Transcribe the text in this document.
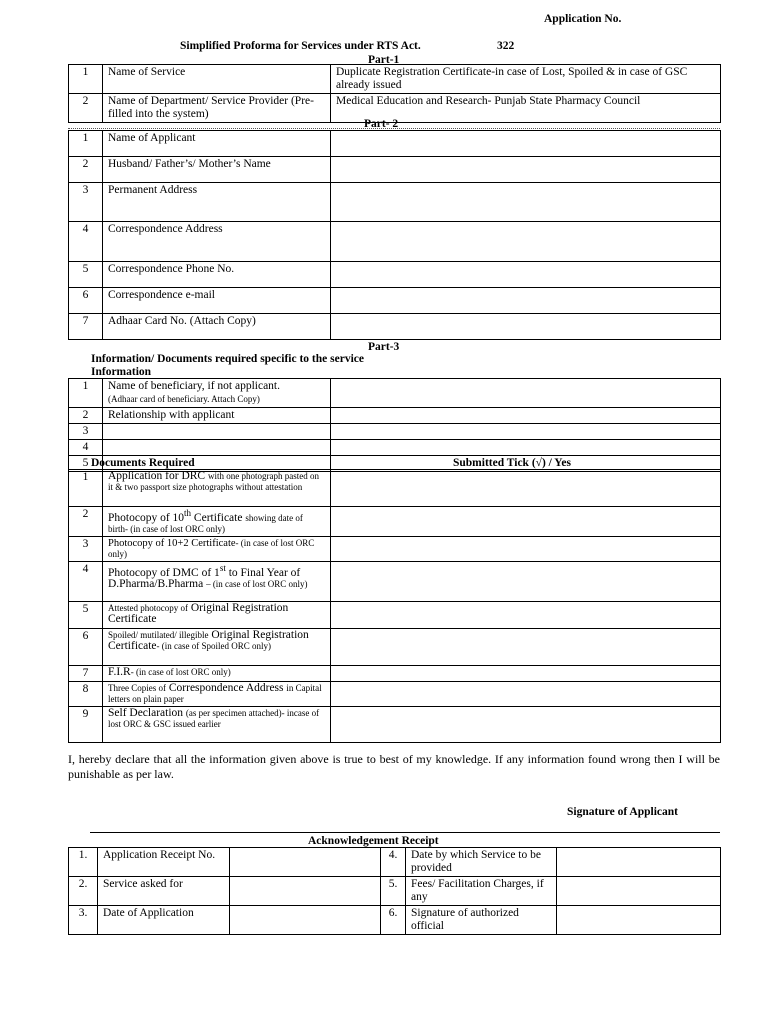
Application No.
Simplified Proforma for Services under RTS Act.	322
Part-1
1	Name of Service	Duplicate Registration Certificate-in case of Lost, Spoiled & in case of GSC already issued
2	Name of Department/ Service Provider (Pre-filled into the system)	Medical Education and Research- Punjab State Pharmacy Council
Part- 2
1	Name of Applicant	
2	Husband/ Father’s/ Mother’s Name	
3	Permanent Address	
4	Correspondence Address	
5	Correspondence Phone No.	
6	Correspondence e-mail	
7	Adhaar Card No. (Attach Copy)	
Part-3
Information/ Documents required specific to the service
Information
1	Name of beneficiary, if not applicant.
(Adhaar card of beneficiary. Attach Copy)	
2	Relationship with applicant	
3		
4		
5		Documents Required	Submitted Tick (√) / Yes
1	Application for DRC with one photograph pasted on it & two passport size photographs without attestation	
2	Photocopy of 10th Certificate showing date of birth- (in case of lost ORC only)	
3	Photocopy of 10+2 Certificate- (in case of lost ORC only)	
4	Photocopy of DMC of 1st to Final Year of D.Pharma/B.Pharma – (in case of lost ORC only)	
5	Attested photocopy of Original Registration Certificate	
6	Spoiled/ mutilated/ illegible Original Registration Certificate- (in case of Spoiled ORC only)	
7	F.I.R- (in case of lost ORC only)	
8	Three Copies of Correspondence Address in Capital letters on plain paper	
9	Self Declaration (as per specimen attached)- incase of lost ORC & GSC issued earlier	
I, hereby declare that all the information given above is true to best of my knowledge. If any information found wrong then I will be punishable as per law.
Signature of Applicant
Acknowledgement Receipt
1.	Application Receipt No.		4.	Date by which Service to be provided	
2.	Service asked for		5.	Fees/ Facilitation Charges, if any	
3.	Date of Application		6.	Signature of authorized official	
